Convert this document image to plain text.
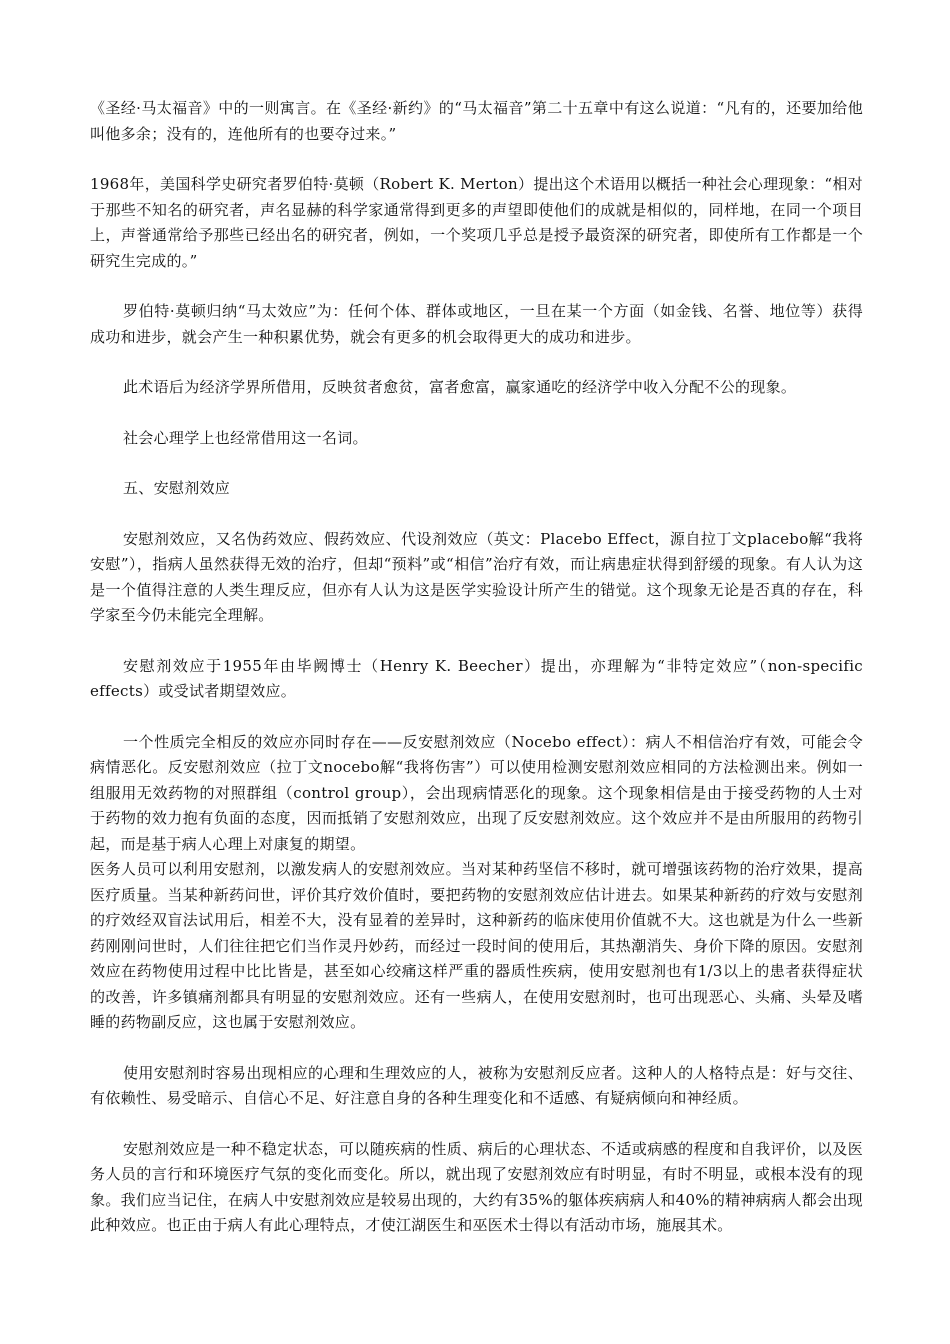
《圣经·马太福音》中的一则寓言。在《圣经·新约》的“马太福音”第二十五章中有这么说道：“凡有的，还要加给他叫他多余；没有的，连他所有的也要夺过来。”

1968年，美国科学史研究者罗伯特·莫顿（Robert K. Merton）提出这个术语用以概括一种社会心理现象：“相对于那些不知名的研究者，声名显赫的科学家通常得到更多的声望即使他们的成就是相似的，同样地，在同一个项目上，声誉通常给予那些已经出名的研究者，例如，一个奖项几乎总是授予最资深的研究者，即使所有工作都是一个研究生完成的。”

罗伯特·莫顿归纳“马太效应”为：任何个体、群体或地区，一旦在某一个方面（如金钱、名誉、地位等）获得成功和进步，就会产生一种积累优势，就会有更多的机会取得更大的成功和进步。

此术语后为经济学界所借用，反映贫者愈贫，富者愈富，赢家通吃的经济学中收入分配不公的现象。

社会心理学上也经常借用这一名词。

五、安慰剂效应

安慰剂效应，又名伪药效应、假药效应、代设剂效应（英文：Placebo Effect，源自拉丁文placebo解“我将安慰”），指病人虽然获得无效的治疗，但却“预料”或“相信”治疗有效，而让病患症状得到舒缓的现象。有人认为这是一个值得注意的人类生理反应，但亦有人认为这是医学实验设计所产生的错觉。这个现象无论是否真的存在，科学家至今仍未能完全理解。

安慰剂效应于1955年由毕阙博士（Henry K. Beecher）提出，亦理解为“非特定效应”（non-specific effects）或受试者期望效应。

一个性质完全相反的效应亦同时存在——反安慰剂效应（Nocebo effect）：病人不相信治疗有效，可能会令病情恶化。反安慰剂效应（拉丁文nocebo解“我将伤害”）可以使用检测安慰剂效应相同的方法检测出来。例如一组服用无效药物的对照群组（control group），会出现病情恶化的现象。这个现象相信是由于接受药物的人士对于药物的效力抱有负面的态度，因而抵销了安慰剂效应，出现了反安慰剂效应。这个效应并不是由所服用的药物引起，而是基于病人心理上对康复的期望。

医务人员可以利用安慰剂，以激发病人的安慰剂效应。当对某种药坚信不移时，就可增强该药物的治疗效果，提高医疗质量。当某种新药问世，评价其疗效价值时，要把药物的安慰剂效应估计进去。如果某种新药的疗效与安慰剂的疗效经双盲法试用后，相差不大，没有显着的差异时，这种新药的临床使用价值就不大。这也就是为什么一些新药刚刚问世时，人们往往把它们当作灵丹妙药，而经过一段时间的使用后，其热潮消失、身价下降的原因。安慰剂效应在药物使用过程中比比皆是，甚至如心绞痛这样严重的器质性疾病，使用安慰剂也有1/3以上的患者获得症状的改善，许多镇痛剂都具有明显的安慰剂效应。还有一些病人，在使用安慰剂时，也可出现恶心、头痛、头晕及嗜睡的药物副反应，这也属于安慰剂效应。

使用安慰剂时容易出现相应的心理和生理效应的人，被称为安慰剂反应者。这种人的人格特点是：好与交往、有依赖性、易受暗示、自信心不足、好注意自身的各种生理变化和不适感、有疑病倾向和神经质。

安慰剂效应是一种不稳定状态，可以随疾病的性质、病后的心理状态、不适或病感的程度和自我评价，以及医务人员的言行和环境医疗气氛的变化而变化。所以，就出现了安慰剂效应有时明显，有时不明显，或根本没有的现象。我们应当记住，在病人中安慰剂效应是较易出现的，大约有35%的躯体疾病病人和40%的精神病病人都会出现此种效应。也正由于病人有此心理特点，才使江湖医生和巫医术士得以有活动市场，施展其术。
